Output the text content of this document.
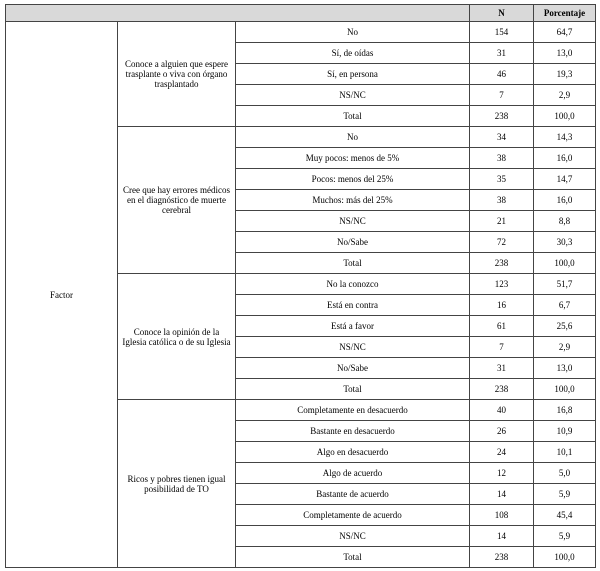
			N	Porcentaje
Factor	Conoce a alguien que espere trasplante o viva con órgano trasplantado	No	154	64,7
		Sí, de oídas	31	13,0
		Sí, en persona	46	19,3
		NS/NC	7	2,9
		Total	238	100,0
	Cree que hay errores médicos en el diagnóstico de muerte cerebral	No	34	14,3
		Muy pocos: menos de 5%	38	16,0
		Pocos: menos del 25%	35	14,7
		Muchos: más del 25%	38	16,0
		NS/NC	21	8,8
		No/Sabe	72	30,3
		Total	238	100,0
	Conoce la opinión de la Iglesia católica o de su Iglesia	No la conozco	123	51,7
		Está en contra	16	6,7
		Está a favor	61	25,6
		NS/NC	7	2,9
		No/Sabe	31	13,0
		Total	238	100,0
	Ricos y pobres tienen igual posibilidad de TO	Completamente en desacuerdo	40	16,8
		Bastante en desacuerdo	26	10,9
		Algo en desacuerdo	24	10,1
		Algo de acuerdo	12	5,0
		Bastante de acuerdo	14	5,9
		Completamente de acuerdo	108	45,4
		NS/NC	14	5,9
		Total	238	100,0
